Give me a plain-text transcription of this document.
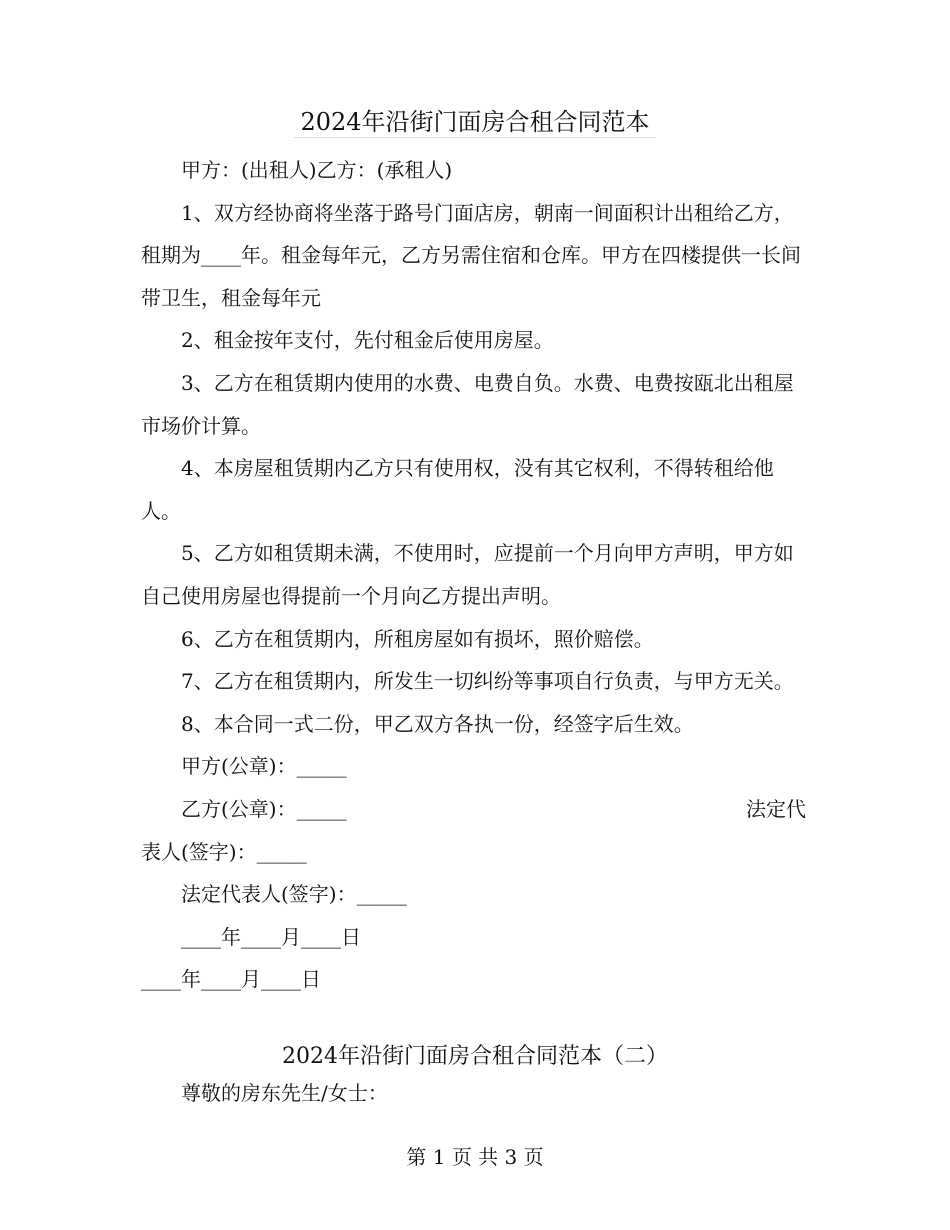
2024年沿街门面房合租合同范本

甲方：(出租人)乙方：(承租人)

1、双方经协商将坐落于路号门面店房，朝南一间面积计出租给乙方，租期为____年。租金每年元，乙方另需住宿和仓库。甲方在四楼提供一长间带卫生，租金每年元

2、租金按年支付，先付租金后使用房屋。

3、乙方在租赁期内使用的水费、电费自负。水费、电费按瓯北出租屋市场价计算。

4、本房屋租赁期内乙方只有使用权，没有其它权利，不得转租给他人。

5、乙方如租赁期未满，不使用时，应提前一个月向甲方声明，甲方如自己使用房屋也得提前一个月向乙方提出声明。

6、乙方在租赁期内，所租房屋如有损坏，照价赔偿。

7、乙方在租赁期内，所发生一切纠纷等事项自行负责，与甲方无关。

8、本合同一式二份，甲乙双方各执一份，经签字后生效。

甲方(公章)：_____

乙方(公章)：_____	法定代

表人(签字)：_____

法定代表人(签字)：_____

____年____月____日

____年____月____日

2024年沿街门面房合租合同范本（二）
尊敬的房东先生/女士：
第 1 页 共 3 页
